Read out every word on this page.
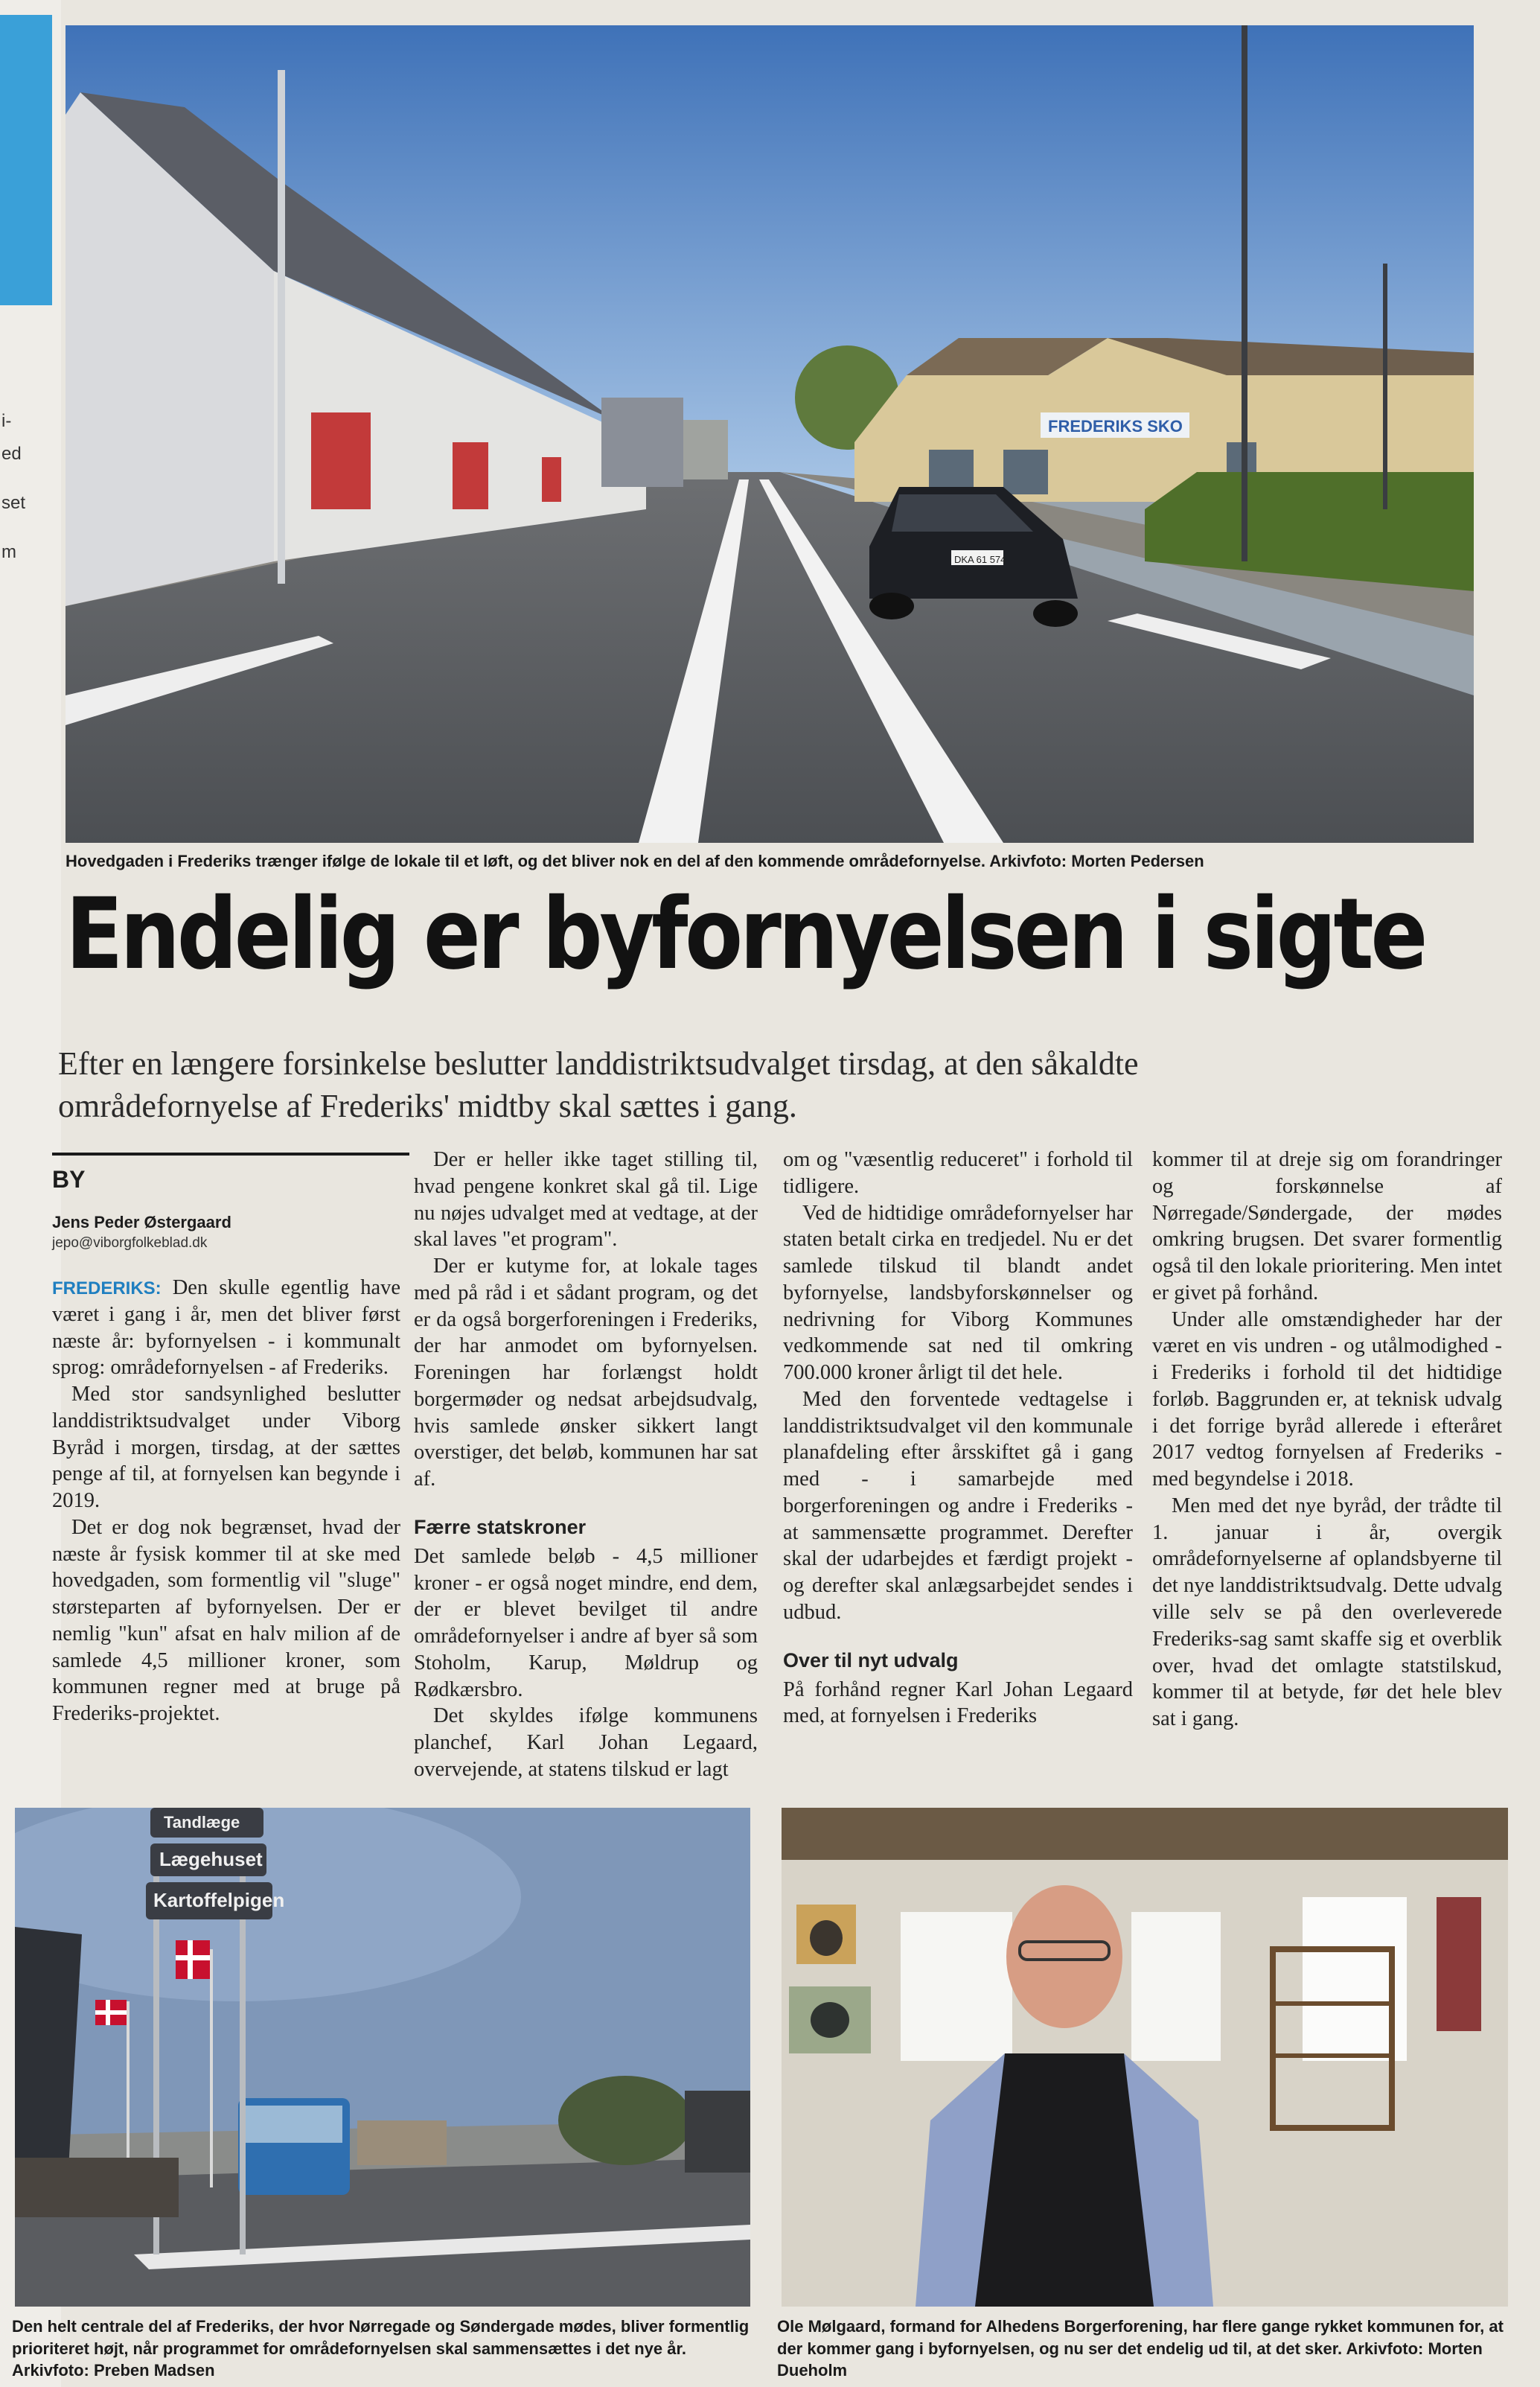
i-
ed
set
m
FREDERIKS SKO
DKA 61 574
Hovedgaden i Frederiks trænger ifølge de lokale til et løft, og det bliver nok en del af den kommende områdefornyelse. Arkivfoto: Morten Pedersen
Endelig er byfornyelsen i sigte
Efter en længere forsinkelse beslutter landdistriktsudvalget tirsdag, at den såkaldte områdefornyelse af Frederiks' midtby skal sættes i gang.
BY
Jens Peder Østergaard
jepo@viborgfolkeblad.dk

FREDERIKS: Den skulle egentlig have været i gang i år, men det bliver først næste år: byfornyelsen - i kommunalt sprog: områdefornyelsen - af Frederiks.

Med stor sandsynlighed beslutter landdistriktsudvalget under Viborg Byråd i morgen, tirsdag, at der sættes penge af til, at fornyelsen kan begynde i 2019.

Det er dog nok begrænset, hvad der næste år fysisk kommer til at ske med hovedgaden, som formentlig vil "sluge" størsteparten af byfornyelsen. Der er nemlig "kun" afsat en halv milion af de samlede 4,5 millioner kroner, som kommunen regner med at bruge på Frederiks-projektet.

Der er heller ikke taget stilling til, hvad pengene konkret skal gå til. Lige nu nøjes udvalget med at vedtage, at der skal laves "et program".

Der er kutyme for, at lokale tages med på råd i et sådant program, og det er da også borgerforeningen i Frederiks, der har anmodet om byfornyelsen. Foreningen har forlængst holdt borgermøder og nedsat arbejdsudvalg, hvis samlede ønsker sikkert langt overstiger, det beløb, kommunen har sat af.

Færre statskroner

Det samlede beløb - 4,5 millioner kroner - er også noget mindre, end dem, der er blevet bevilget til andre områdefornyelser i andre af byer så som Stoholm, Karup, Møldrup og Rødkærsbro.

Det skyldes ifølge kommunens planchef, Karl Johan Legaard, overvejende, at statens tilskud er lagt

om og "væsentlig reduceret" i forhold til tidligere.

Ved de hidtidige områdefornyelser har staten betalt cirka en tredjedel. Nu er det samlede tilskud til blandt andet byfornyelse, landsbyforskønnelser og nedrivning for Viborg Kommunes vedkommende sat ned til omkring 700.000 kroner årligt til det hele.

Med den forventede vedtagelse i landdistriktsudvalget vil den kommunale planafdeling efter årsskiftet gå i gang med - i samarbejde med borgerforeningen og andre i Frederiks - at sammensætte programmet. Derefter skal der udarbejdes et færdigt projekt - og derefter skal anlægsarbejdet sendes i udbud.

Over til nyt udvalg

På forhånd regner Karl Johan Legaard med, at fornyelsen i Frederiks

kommer til at dreje sig om forandringer og forskønnelse af Nørregade/Søndergade, der mødes omkring brugsen. Det svarer formentlig også til den lokale prioritering. Men intet er givet på forhånd.

Under alle omstændigheder har der været en vis undren - og utålmodighed - i Frederiks i forhold til det hidtidige forløb. Baggrunden er, at teknisk udvalg i det forrige byråd allerede i efteråret 2017 vedtog fornyelsen af Frederiks - med begyndelse i 2018.

Men med det nye byråd, der trådte til 1. januar i år, overgik områdefornyelserne af oplandsbyerne til det nye landdistriktsudvalg. Dette udvalg ville selv se på den overleverede Frederiks-sag samt skaffe sig et overblik over, hvad det omlagte statstilskud, kommer til at betyde, før det hele blev sat i gang.

Tandlæge
Lægehuset
Kartoffelpigen
Den helt centrale del af Frederiks, der hvor Nørregade og Søndergade mødes, bliver formentlig prioriteret højt, når programmet for områdefornyelsen skal sammensættes i det nye år. Arkivfoto: Preben Madsen
Ole Mølgaard, formand for Alhedens Borgerforening, har flere gange rykket kommunen for, at der kommer gang i byfornyelsen, og nu ser det endelig ud til, at det sker. Arkivfoto: Morten Dueholm
